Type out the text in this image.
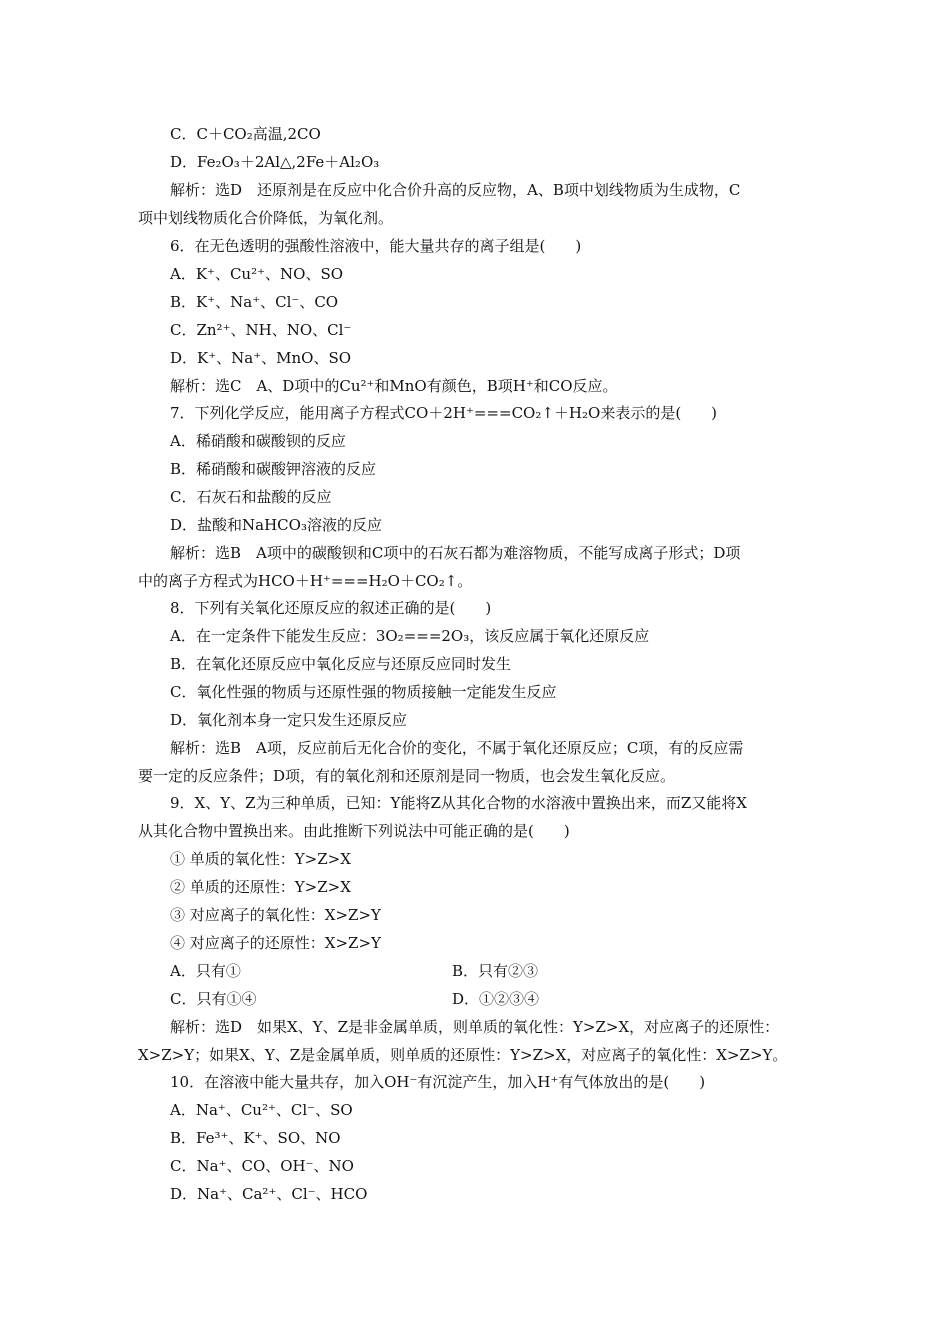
C．C＋CO₂高温,2CO
D．Fe₂O₃＋2Al△,2Fe＋Al₂O₃
解析：选D　还原剂是在反应中化合价升高的反应物，A、B项中划线物质为生成物，C
项中划线物质化合价降低，为氧化剂。
6．在无色透明的强酸性溶液中，能大量共存的离子组是(　　)
A．K⁺、Cu²⁺、NO、SO
B．K⁺、Na⁺、Cl⁻、CO
C．Zn²⁺、NH、NO、Cl⁻
D．K⁺、Na⁺、MnO、SO
解析：选C　A、D项中的Cu²⁺和MnO有颜色，B项H⁺和CO反应。
7．下列化学反应，能用离子方程式CO＋2H⁺===CO₂↑＋H₂O来表示的是(　　)
A．稀硝酸和碳酸钡的反应
B．稀硝酸和碳酸钾溶液的反应
C．石灰石和盐酸的反应
D．盐酸和NaHCO₃溶液的反应
解析：选B　A项中的碳酸钡和C项中的石灰石都为难溶物质，不能写成离子形式；D项
中的离子方程式为HCO＋H⁺===H₂O＋CO₂↑。
8．下列有关氧化还原反应的叙述正确的是(　　)
A．在一定条件下能发生反应：3O₂===2O₃，该反应属于氧化还原反应
B．在氧化还原反应中氧化反应与还原反应同时发生
C．氧化性强的物质与还原性强的物质接触一定能发生反应
D．氧化剂本身一定只发生还原反应
解析：选B　A项，反应前后无化合价的变化，不属于氧化还原反应；C项，有的反应需
要一定的反应条件；D项，有的氧化剂和还原剂是同一物质，也会发生氧化反应。
9．X、Y、Z为三种单质，已知：Y能将Z从其化合物的水溶液中置换出来，而Z又能将X
从其化合物中置换出来。由此推断下列说法中可能正确的是(　　)
① 单质的氧化性：Y>Z>X
② 单质的还原性：Y>Z>X
③ 对应离子的氧化性：X>Z>Y
④ 对应离子的还原性：X>Z>Y
A．只有①	B．只有②③
C．只有①④	D．①②③④
解析：选D　如果X、Y、Z是非金属单质，则单质的氧化性：Y>Z>X，对应离子的还原性：
X>Z>Y；如果X、Y、Z是金属单质，则单质的还原性：Y>Z>X，对应离子的氧化性：X>Z>Y。
10．在溶液中能大量共存，加入OH⁻有沉淀产生，加入H⁺有气体放出的是(　　)
A．Na⁺、Cu²⁺、Cl⁻、SO
B．Fe³⁺、K⁺、SO、NO
C．Na⁺、CO、OH⁻、NO
D．Na⁺、Ca²⁺、Cl⁻、HCO
